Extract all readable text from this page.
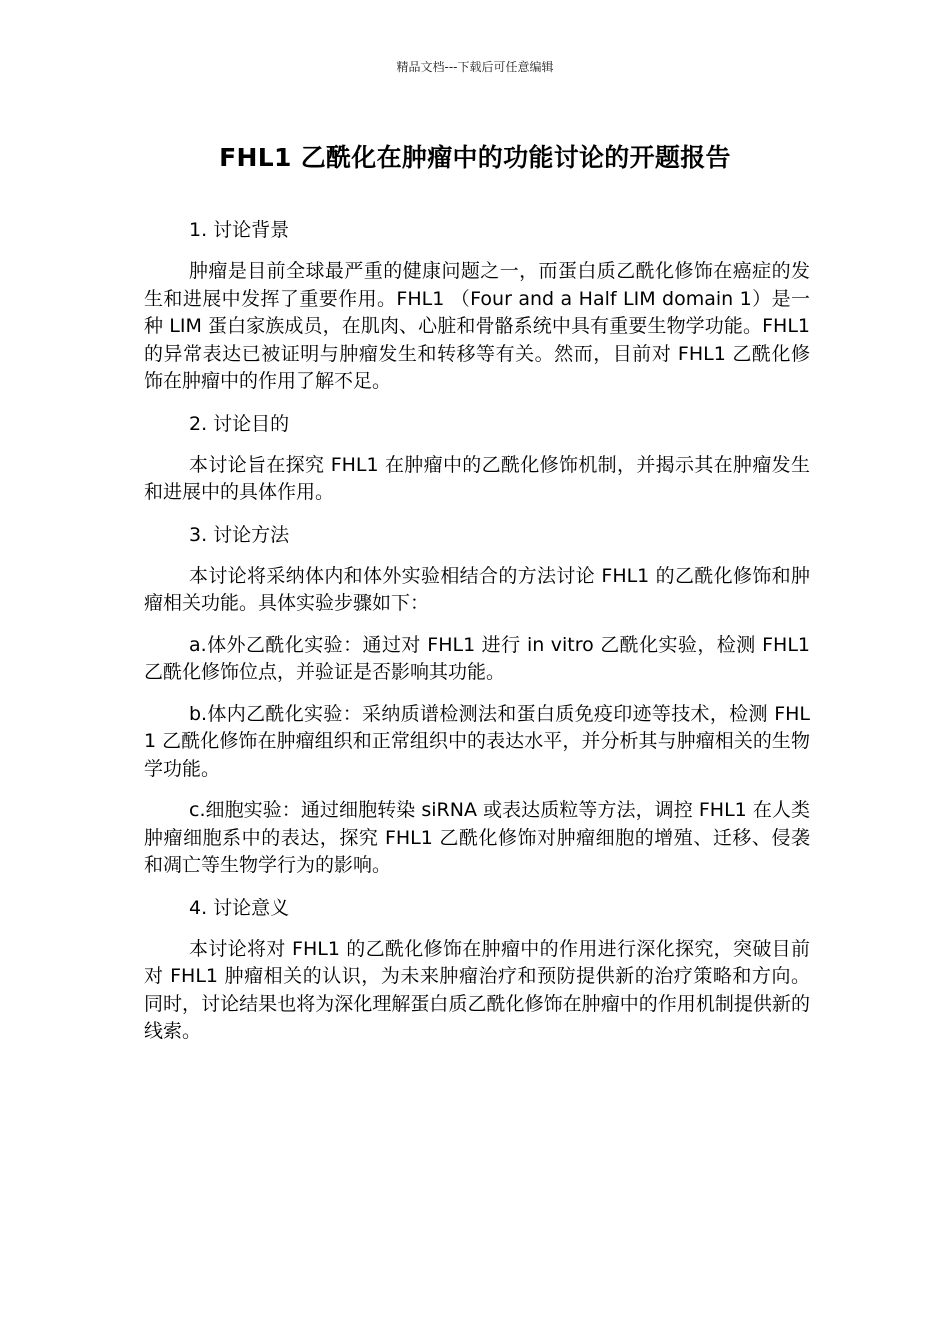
精品文档---下载后可任意编辑
FHL1 乙酰化在肿瘤中的功能讨论的开题报告

1. 讨论背景

肿瘤是目前全球最严重的健康问题之一，而蛋白质乙酰化修饰在癌症的发生和进展中发挥了重要作用。FHL1 （Four and a Half LIM domain 1）是一种 LIM 蛋白家族成员，在肌肉、心脏和骨骼系统中具有重要生物学功能。FHL1 的异常表达已被证明与肿瘤发生和转移等有关。然而，目前对 FHL1 乙酰化修饰在肿瘤中的作用了解不足。

2. 讨论目的

本讨论旨在探究 FHL1 在肿瘤中的乙酰化修饰机制，并揭示其在肿瘤发生和进展中的具体作用。

3. 讨论方法

本讨论将采纳体内和体外实验相结合的方法讨论 FHL1 的乙酰化修饰和肿瘤相关功能。具体实验步骤如下：

a.体外乙酰化实验：通过对 FHL1 进行 in vitro 乙酰化实验，检测 FHL1 乙酰化修饰位点，并验证是否影响其功能。

b.体内乙酰化实验：采纳质谱检测法和蛋白质免疫印迹等技术，检测 FHL1 乙酰化修饰在肿瘤组织和正常组织中的表达水平，并分析其与肿瘤相关的生物学功能。

c.细胞实验：通过细胞转染 siRNA 或表达质粒等方法，调控 FHL1 在人类肿瘤细胞系中的表达，探究 FHL1 乙酰化修饰对肿瘤细胞的增殖、迁移、侵袭和凋亡等生物学行为的影响。

4. 讨论意义

本讨论将对 FHL1 的乙酰化修饰在肿瘤中的作用进行深化探究，突破目前对 FHL1 肿瘤相关的认识，为未来肿瘤治疗和预防提供新的治疗策略和方向。同时，讨论结果也将为深化理解蛋白质乙酰化修饰在肿瘤中的作用机制提供新的线索。
